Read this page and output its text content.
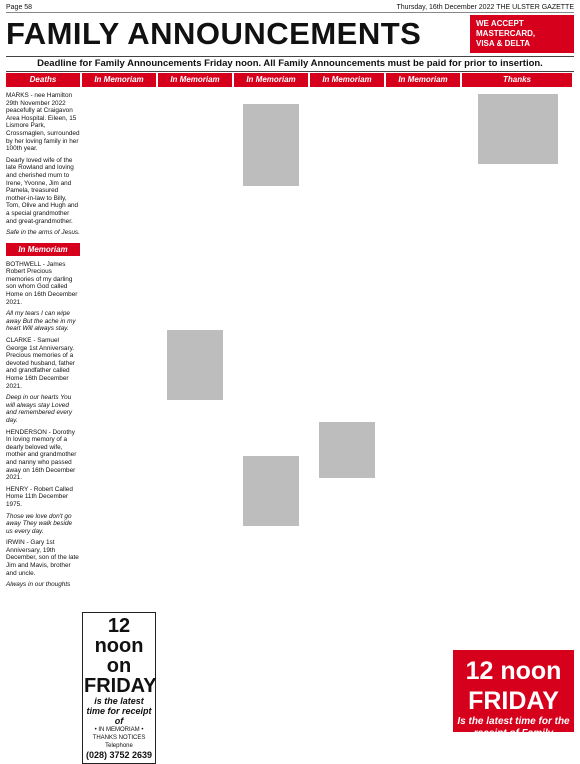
Page 58	Thursday, 16th December 2022 THE ULSTER GAZETTE
FAMILY ANNOUNCEMENTS	WE ACCEPT
MASTERCARD,
VISA & DELTA
Deadline for Family Announcements Friday noon. All Family Announcements must be paid for prior to insertion.
Deaths	In Memoriam	In Memoriam	In Memoriam	In Memoriam	In Memoriam	Thanks

MARKS - nee Hamilton 29th November 2022 peacefully at Craigavon Area Hospital. Eileen, 15 Lismore Park, Crossmaglen, surrounded by her loving family in her 100th year.

Dearly loved wife of the late Rowland and loving and cherished mum to Irene, Yvonne, Jim and Pamela, treasured mother-in-law to Billy, Tom, Olive and Hugh and a special grandmother and great-grandmother.

Safe in the arms of Jesus.

In Memoriam

BOTHWELL - James Robert Precious memories of my darling son whom God called Home on 16th December 2021.

All my tears I can wipe away But the ache in my heart Will always stay.

CLARKE - Samuel George 1st Anniversary. Precious memories of a devoted husband, father and grandfather called Home 16th December 2021.

Deep in our hearts You will always stay Loved and remembered every day.

HENDERSON - Dorothy In loving memory of a dearly beloved wife, mother and grandmother and nanny who passed away on 16th December 2021.

HENRY - Robert Called Home 11th December 1975.

Those we love don't go away They walk beside us every day.

IRWIN - Gary 1st Anniversary, 19th December, son of the late Jim and Mavis, brother and uncle.

Always in our thoughts

12 noon on
FRIDAY
is the latest time for receipt of
• IN MEMORIAM • THANKS NOTICES
Telephone
(028) 3752 2639
12 noon FRIDAY
Is the latest time for the receipt of Family Announcements
